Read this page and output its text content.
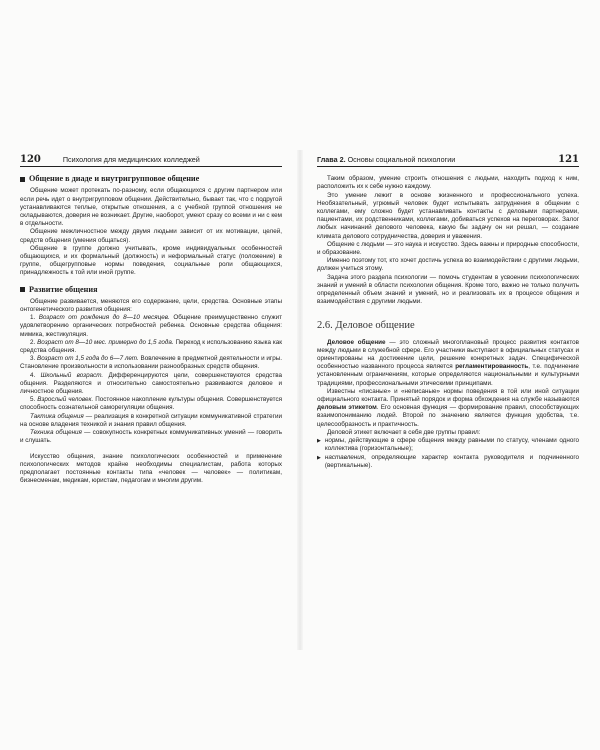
120	Психология для медицинских колледжей
Общение в диаде и внутригрупповое общение

Общение может протекать по-разному, если общающихся с другим партнером или если речь идет о внутригрупповом общении. Действительно, бывает так, что с подругой устанавливаются теплые, открытые отношения, а с учебной группой отношения не складываются, доверия не возникает. Другие, наоборот, умеют сразу со всеми и ни с кем в отдельности.

Общение межличностное между двумя людьми зависит от их мотивации, целей, средств общения (умения общаться).

Общение в группе должно учитывать, кроме индивидуальных особенностей общающихся, и их формальный (должность) и неформальный статус (положение) в группе, общегрупповые нормы поведения, социальные роли общающихся, принадлежность к той или иной группе.

Развитие общения

Общение развивается, меняются его содержание, цели, средства. Основные этапы онтогенетического развития общения:

1. Возраст от рождения до 8—10 месяцев. Общение преимущественно служит удовлетворению органических потребностей ребенка. Основные средства общения: мимика, жестикуляция.

2. Возраст от 8—10 мес. примерно до 1,5 года. Переход к использованию языка как средства общения.

3. Возраст от 1,5 года до 6—7 лет. Вовлечение в предметной деятельности и игры. Становление произвольности в использовании разнообразных средств общения.

4. Школьный возраст. Дифференцируются цели, совершенствуются средства общения. Разделяются и относительно самостоятельно развиваются деловое и личностное общения.

5. Взрослый человек. Постоянное накопление культуры общения. Совершенствуется способность сознательной саморегуляции общения.

Тактика общения — реализация в конкретной ситуации коммуникативной стратегии на основе владения техникой и знания правил общения.

Техника общения — совокупность конкретных коммуникативных умений — говорить и слушать.

Искусство общения, знание психологических особенностей и применение психологических методов крайне необходимы специалистам, работа которых предполагает постоянные контакты типа «человек — человек» — политикам, бизнесменам, медикам, юристам, педагогам и многим другим.

Глава 2. Основы социальной психологии	121

Таким образом, умение строить отношения с людьми, находить подход к ним, расположить их к себе нужно каждому.

Это умение лежит в основе жизненного и профессионального успеха. Необязательный, угрюмый человек будет испытывать затруднения в общении с коллегами, ему сложно будет устанавливать контакты с деловыми партнерами, пациентами, их родственниками, коллегами, добиваться успехов на переговорах. Залог любых начинаний делового человека, какую бы задачу он ни решал, — создание климата делового сотрудничества, доверия и уважения.

Общение с людьми — это наука и искусство. Здесь важны и природные способности, и образование.

Именно поэтому тот, кто хочет достичь успеха во взаимодействии с другими людьми, должен учиться этому.

Задача этого раздела психологии — помочь студентам в усвоении психологических знаний и умений в области психологии общения. Кроме того, важно не только получить определенный объем знаний и умений, но и реализовать их в процессе общения и взаимодействия с другими людьми.

2.6. Деловое общение

Деловое общение — это сложный многоплановый процесс развития контактов между людьми в служебной сфере. Его участники выступают в официальных статусах и ориентированы на достижение цели, решение конкретных задач. Специфической особенностью названного процесса является регламентированность, т.е. подчинение установленным ограничениям, которые определяются национальными и культурными традициями, профессиональными этическими принципами.

Известны «писаные» и «неписаные» нормы поведения в той или иной ситуации официального контакта. Принятый порядок и форма обхождения на службе называются деловым этикетом. Его основная функция — формирование правил, способствующих взаимопониманию людей. Второй по значению является функция удобства, т.е. целесообразность и практичность.

Деловой этикет включает в себя две группы правил:

▶ нормы, действующие в сфере общения между равными по статусу, членами одного коллектива (горизонтальные);
▶ наставления, определяющие характер контакта руководителя и подчиненного (вертикальные).
